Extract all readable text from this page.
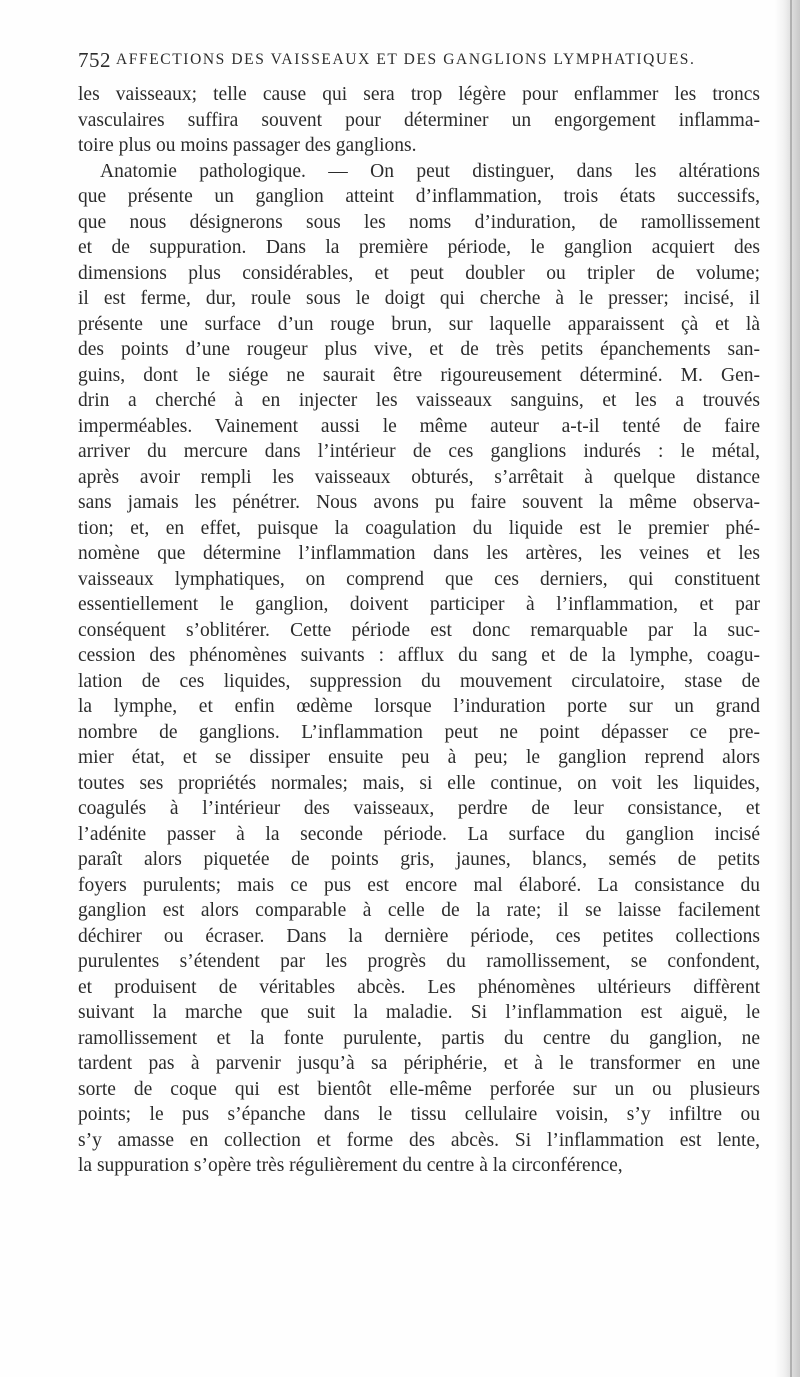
752 AFFECTIONS DES VAISSEAUX ET DES GANGLIONS LYMPHATIQUES.
les vaisseaux; telle cause qui sera trop légère pour enflammer les troncs
vasculaires suffira souvent pour déterminer un engorgement inflamma-
toire plus ou moins passager des ganglions.
Anatomie pathologique. — On peut distinguer, dans les altérations
que présente un ganglion atteint d’inflammation, trois états successifs,
que nous désignerons sous les noms d’induration, de ramollissement
et de suppuration. Dans la première période, le ganglion acquiert des
dimensions plus considérables, et peut doubler ou tripler de volume;
il est ferme, dur, roule sous le doigt qui cherche à le presser; incisé, il
présente une surface d’un rouge brun, sur laquelle apparaissent çà et là
des points d’une rougeur plus vive, et de très petits épanchements san-
guins, dont le siége ne saurait être rigoureusement déterminé. M. Gen-
drin a cherché à en injecter les vaisseaux sanguins, et les a trouvés
imperméables. Vainement aussi le même auteur a-t-il tenté de faire
arriver du mercure dans l’intérieur de ces ganglions indurés : le métal,
après avoir rempli les vaisseaux obturés, s’arrêtait à quelque distance
sans jamais les pénétrer. Nous avons pu faire souvent la même observa-
tion; et, en effet, puisque la coagulation du liquide est le premier phé-
nomène que détermine l’inflammation dans les artères, les veines et les
vaisseaux lymphatiques, on comprend que ces derniers, qui constituent
essentiellement le ganglion, doivent participer à l’inflammation, et par
conséquent s’oblitérer. Cette période est donc remarquable par la suc-
cession des phénomènes suivants : afflux du sang et de la lymphe, coagu-
lation de ces liquides, suppression du mouvement circulatoire, stase de
la lymphe, et enfin œdème lorsque l’induration porte sur un grand
nombre de ganglions. L’inflammation peut ne point dépasser ce pre-
mier état, et se dissiper ensuite peu à peu; le ganglion reprend alors
toutes ses propriétés normales; mais, si elle continue, on voit les liquides,
coagulés à l’intérieur des vaisseaux, perdre de leur consistance, et
l’adénite passer à la seconde période. La surface du ganglion incisé
paraît alors piquetée de points gris, jaunes, blancs, semés de petits
foyers purulents; mais ce pus est encore mal élaboré. La consistance du
ganglion est alors comparable à celle de la rate; il se laisse facilement
déchirer ou écraser. Dans la dernière période, ces petites collections
purulentes s’étendent par les progrès du ramollissement, se confondent,
et produisent de véritables abcès. Les phénomènes ultérieurs diffèrent
suivant la marche que suit la maladie. Si l’inflammation est aiguë, le
ramollissement et la fonte purulente, partis du centre du ganglion, ne
tardent pas à parvenir jusqu’à sa périphérie, et à le transformer en une
sorte de coque qui est bientôt elle-même perforée sur un ou plusieurs
points; le pus s’épanche dans le tissu cellulaire voisin, s’y infiltre ou
s’y amasse en collection et forme des abcès. Si l’inflammation est lente,
la suppuration s’opère très régulièrement du centre à la circonférence,
